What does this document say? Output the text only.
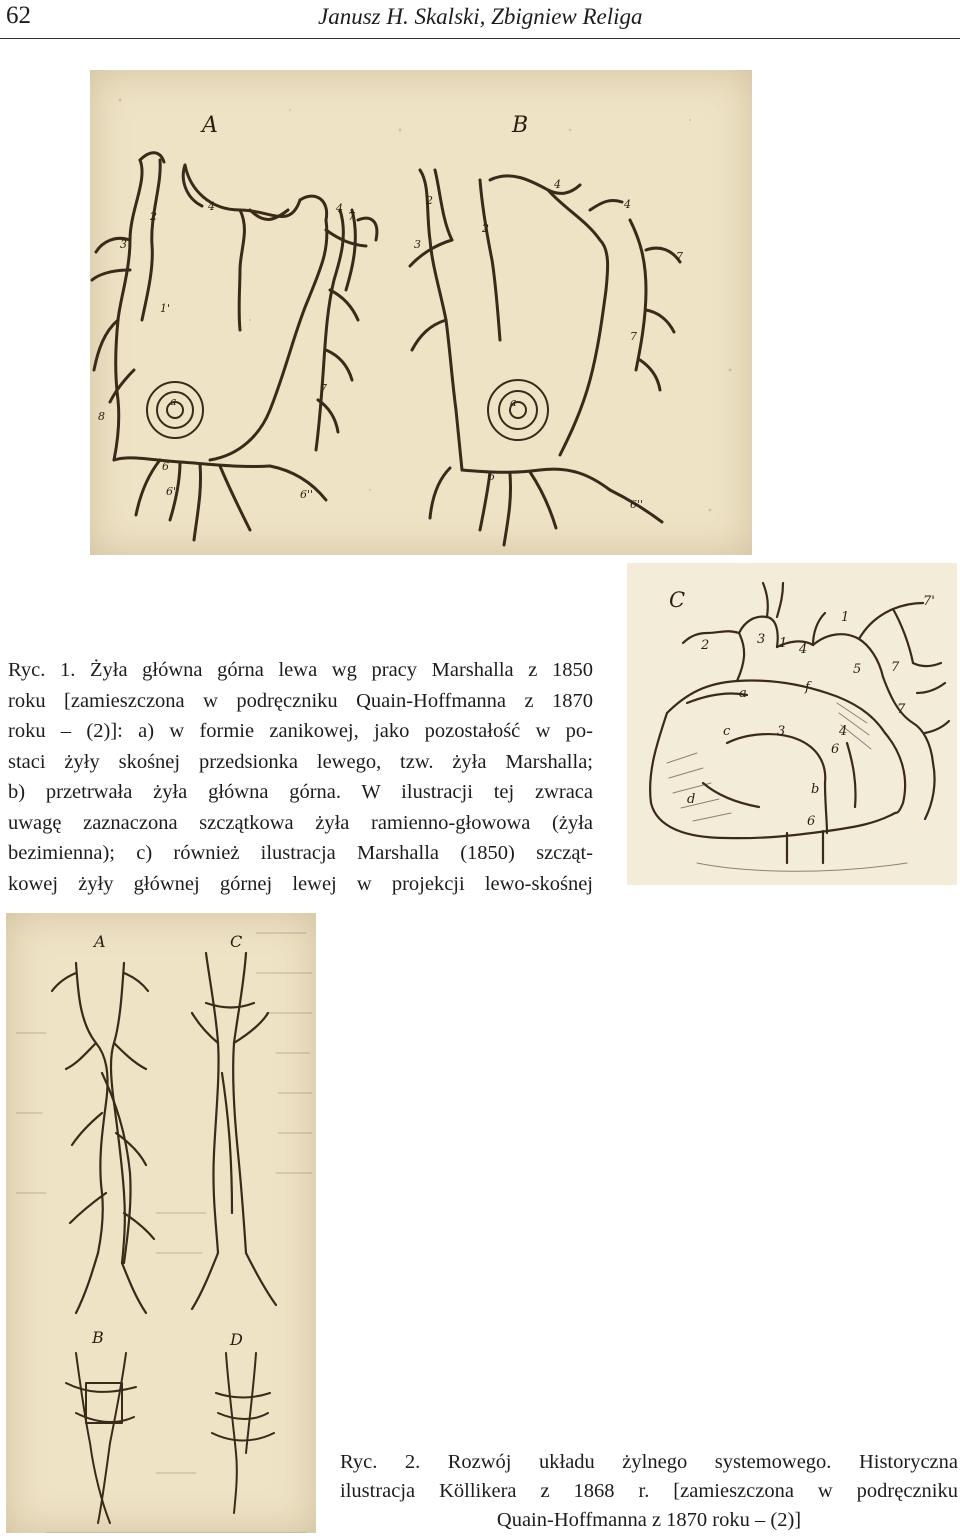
62	Janusz H. Skalski, Zbigniew Religa
A
2
4
3
1'
4
7
a
8
6
6'	6''
7
B
2
2
3
4
4
7
7
a
6
6''
C
2	3 1 4
1
7'
5 7
7
a	f
c	3
6
b
6
d
4
Ryc. 1. Żyła główna górna lewa wg pracy Marshalla z 1850
roku [zamieszczona w podręczniku Quain-Hoffmanna z 1870
roku – (2)]: a) w formie zanikowej, jako pozostałość w po-
staci żyły skośnej przedsionka lewego, tzw. żyła Marshalla;
b) przetrwała żyła główna górna. W ilustracji tej zwraca
uwagę zaznaczona szczątkowa żyła ramienno-głowowa (żyła
bezimienna); c) również ilustracja Marshalla (1850) szcząt-
kowej żyły głównej górnej lewej w projekcji lewo-skośnej
A	C
B	D
Ryc. 2. Rozwój układu żylnego systemowego. Historyczna
ilustracja Köllikera z 1868 r. [zamieszczona w podręczniku
Quain-Hoffmanna z 1870 roku – (2)]
